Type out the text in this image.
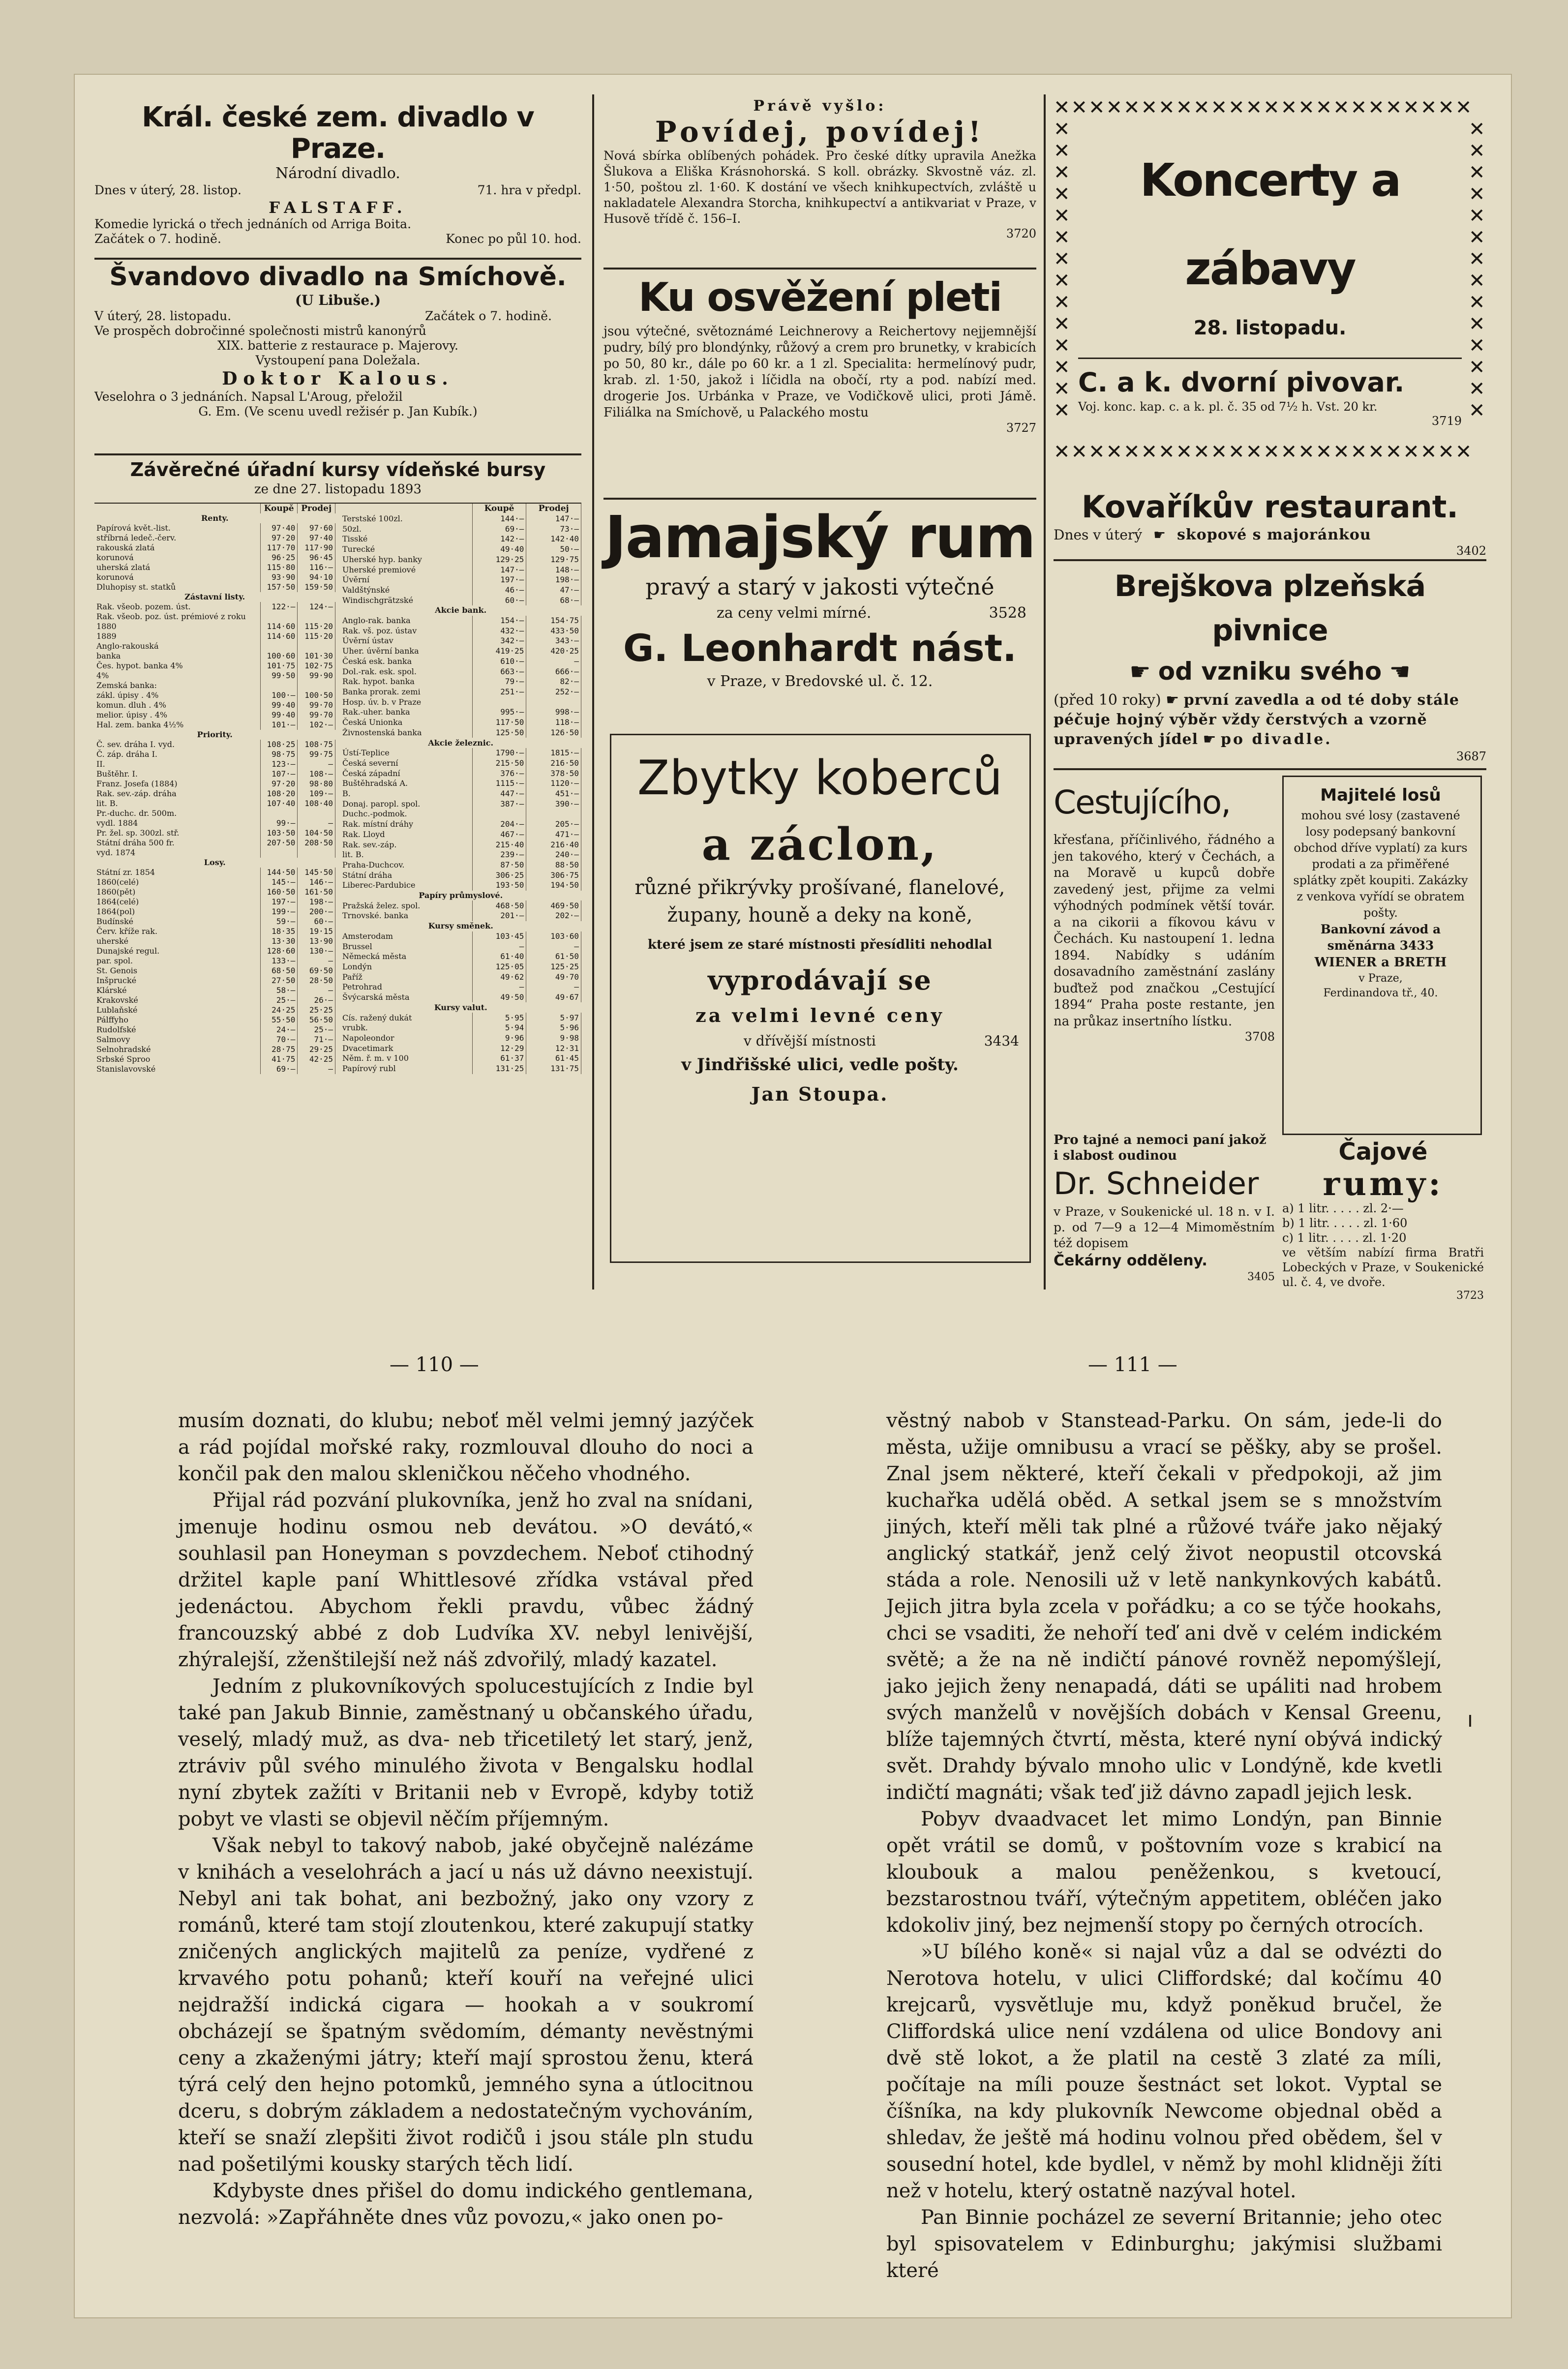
Král. české zem. divadlo v Praze.
Národní divadlo.
Dnes v úterý, 28. listop.	71. hra v předpl.
FALSTAFF.
Komedie lyrická o třech jednáních od Arriga Boita.
Začátek o 7. hodině.	Konec po půl 10. hod.
Švandovo divadlo na Smíchově.
(U Libuše.)
V úterý, 28. listopadu.	Začátek o 7. hodině.
Ve prospěch dobročinné společnosti mistrů kanonýrů
XIX. batterie z restaurace p. Majerovy.
Vystoupení pana Doležala.
Doktor Kalous.
Veselohra o 3 jednáních. Napsal L'Aroug, přeložil
G. Em. (Ve scenu uvedl režisér p. Jan Kubík.)
Závěrečné úřadní kursy vídeňské bursy
ze dne 27. listopadu 1893
	Koupě	Prodej
Renty.		
Papírová květ.-list.	97·40	97·60
stříbrná ledeč.-červ.	97·20	97·40
rakouská zlatá	117·70	117·90
korunová	96·25	96·45
uherská zlatá	115·80	116·—
korunová	93·90	94·10
Dluhopisy st. statků	157·50	159·50
Zástavní listy.		
Rak. všeob. pozem. úst.	122·—	124·—
Rak. všeob. poz. úst. prémiové z roku		
1880	114·60	115·20
1889	114·60	115·20
Anglo-rakouská		
banka	100·60	101·30
Čes. hypot. banka 4%	101·75	102·75
4%	99·50	99·90
Zemská banka:		
zákl. úpisy . 4%	100·—	100·50
komun. dluh . 4%	99·40	99·70
melior. úpisy . 4%	99·40	99·70
Hal. zem. banka 4½%	101·—	102·—
Priority.		
Č. sev. dráha I. vyd.	108·25	108·75
Č. záp. dráha I.	98·75	99·75
II.	123·—	—
Buštěhr. I.	107·—	108·—
Franz. Josefa (1884)	97·20	98·80
Rak. sev.-záp. dráha	108·20	109·—
lit. B.	107·40	108·40
Pr.-duchc. dr. 500m.		
vydl. 1884	99·—	—
Pr. žel. sp. 300zl. stř.	103·50	104·50
Státní dráha 500 fr.	207·50	208·50
vyd. 1874		
Losy.		
Státní zr. 1854	144·50	145·50
1860(celé)	145·—	146·—
1860(pět)	160·50	161·50
1864(celé)	197·—	198·—
1864(pol)	199·—	200·—
Budínské	59·—	60·—
Červ. kříže rak.	18·35	19·15
uherské	13·30	13·90
Dunajské regul.	128·60	130·—
par. spol.	133·—	—
St. Genois	68·50	69·50
Inšprucké	27·50	28·50
Klárské	58·—	—
Krakovské	25·—	26·—
Lublaňské	24·25	25·25
Pálffyho	55·50	56·50
Rudolfské	24·—	25·—
Salmovy	70·—	71·—
Selnohradské	28·75	29·25
Srbské Sproo	41·75	42·25
Stanislavovské	69·—	—
	Koupě	Prodej
Terstské 100zl.	144·—	147·—
50zl.	69·—	73·—
Tisské	142·—	142·40
Turecké	49·40	50·—
Uherské hyp. banky	129·25	129·75
Uherské premiové	147·—	148·—
Úvěrní	197·—	198·—
Valdštýnské	46·—	47·—
Windischgrätzské	60·—	68·—
Akcie bank.		
Anglo-rak. banka	154·—	154·75
Rak. vš. poz. ústav	432·—	433·50
Úvěrní ústav	342·—	343·—
Uher. úvěrní banka	419·25	420·25
Česká esk. banka	610·—	—
Dol.-rak. esk. spol.	663·—	666·—
Rak. hypot. banka	79·—	82·—
Banka prorak. zemi	251·—	252·—
Hosp. úv. b. v Praze		
Rak.-uher. banka	995·—	998·—
Česká Unionka	117·50	118·—
Živnostenská banka	125·50	126·50
Akcie železnic.		
Ústí-Teplice	1790·—	1815·—
Česká severní	215·50	216·50
Česká západní	376·—	378·50
Buštěhradská A.	1115·—	1120·—
B.	447·—	451·—
Donaj. paropl. spol.	387·—	390·—
Duchc.-podmok.		
Rak. místní dráhy	204·—	205·—
Rak. Lloyd	467·—	471·—
Rak. sev.-záp.	215·40	216·40
lit. B.	239·—	240·—
Praha-Duchcov.	87·50	88·50
Státní dráha	306·25	306·75
Liberec-Pardubice	193·50	194·50
Papíry průmyslové.		
Pražská želez. spol.	468·50	469·50
Trnovské. banka	201·—	202·—
Kursy směnek.		
Amsterodam	103·45	103·60
Brussel	—	—
Německá města	61·40	61·50
Londýn	125·05	125·25
Paříž	49·62	49·70
Petrohrad	—	—
Švýcarská města	49·50	49·67
Kursy valut.		
Cís. ražený dukát	5·95	5·97
vrubk.	5·94	5·96
Napoleondor	9·96	9·98
Dvacetimark	12·29	12·31
Něm. ř. m. v 100	61·37	61·45
Papírový rubl	131·25	131·75
Právě vyšlo:
Povídej, povídej!
Nová sbírka oblíbených pohádek. Pro české dítky upravila Anežka Šlukova a Eliška Krásnohorská. S koll. obrázky. Skvostně váz. zl. 1·50, poštou zl. 1·60. K dostání ve všech knihkupectvích, zvláště u nakladatele Alexandra Storcha, knihkupectví a antikvariat v Praze, v Husově třídě č. 156–I.
3720
Ku osvěžení pleti
jsou výtečné, světoznámé Leichnerovy a Reichertovy nejjemnější pudry, bílý pro blondýnky, růžový a crem pro brunetky, v krabicích po 50, 80 kr., dále po 60 kr. a 1 zl. Specialita: hermelínový pudr, krab. zl. 1·50, jakož i líčidla na obočí, rty a pod. nabízí med. drogerie Jos. Urbánka v Praze, ve Vodičkově ulici, proti Jámě. Filiálka na Smíchově, u Palackého mostu
3727
Jamajský rum
pravý a starý v jakosti výtečné
za ceny velmi mírné.	3528
G. Leonhardt nást.
v Praze, v Bredovské ul. č. 12.
Zbytky koberců
a záclon,
různé přikrývky prošívané, flanelové, župany, houně a deky na koně,
které jsem ze staré místnosti přesídliti nehodlal
vyprodávají se
za velmi levné ceny
v dřívější místnosti	3434
v Jindřišské ulici, vedle pošty.
Jan Stoupa.
✕✕✕✕✕✕✕✕✕✕✕✕✕✕✕✕✕✕✕✕✕✕✕✕
✕✕✕✕✕✕✕✕✕✕✕✕✕✕
✕✕✕✕✕✕✕✕✕✕✕✕✕✕
✕✕✕✕✕✕✕✕✕✕✕✕✕✕✕✕✕✕✕✕✕✕✕✕
Koncerty a zábavy
28. listopadu.
C. a k. dvorní pivovar.
Voj. konc. kap. c. a k. pl. č. 35 od 7½ h. Vst. 20 kr.
3719
Kovaříkův restaurant.
Dnes v úterý ☛ skopové s majoránkou
3402
Brejškova plzeňská pivnice
☛ od vzniku svého ☚
(před 10 roky) ☛ první zavedla a od té doby stále péčuje hojný výběr vždy čerstvých a vzorně upravených jídel ☛ po divadle.
3687
Cestujícího,
křesťana, příčinlivého, řádného a jen takového, který v Čechách, a na Moravě u kupců dobře zavedený jest, přijme za velmi výhodných podmínek větší továr. a na cikorii a fíkovou kávu v Čechách. Ku nastoupení 1. ledna 1894. Nabídky s udáním dosavadního zaměstnání zaslány buďtež pod značkou „Cestující 1894“ Praha poste restante, jen na průkaz insertního lístku.
3708
Majitelé losů
mohou své losy (zastavené losy podepsaný bankovní obchod dříve vyplatí) za kurs prodati a za přiměřené splátky zpět koupiti. Zakázky z venkova vyřídí se obratem pošty.
Bankovní závod a směnárna 3433
WIENER a BRETH
v Praze,
Ferdinandova tř., 40.
Pro tajné a nemoci paní jakož i slabost oudinou
Dr. Schneider
v Praze, v Soukenické ul. 18 n. v I. p. od 7—9 a 12—4 Mimoměstním též dopisem
Čekárny odděleny.
3405
Čajové
rumy:
a) 1 litr. . . . . zl. 2·—
b) 1 litr. . . . . zl. 1·60
c) 1 litr. . . . . zl. 1·20
ve větším nabízí firma Bratři Lobeckých v Praze, v Soukenické ul. č. 4, ve dvoře.
3723
— 110 —	— 111 —

musím doznati, do klubu; neboť měl velmi jemný jazýček a rád pojídal mořské raky, rozmlouval dlouho do noci a končil pak den malou skleničkou něčeho vhodného.

Přijal rád pozvání plukovníka, jenž ho zval na snídani, jmenuje hodinu osmou neb devátou. »O devátó,« souhlasil pan Honeyman s povzdechem. Neboť ctihodný držitel kaple paní Whittlesové zřídka vstával před jedenáctou. Abychom řekli pravdu, vůbec žádný francouzský abbé z dob Ludvíka XV. nebyl lenivější, zhýralejší, zženštilejší než náš zdvořilý, mladý kazatel.

Jedním z plukovníkových spolucestujících z Indie byl také pan Jakub Binnie, zaměstnaný u občanského úřadu, veselý, mladý muž, as dva- neb třicetiletý let starý, jenž, ztráviv půl svého minulého života v Bengalsku hodlal nyní zbytek zažíti v Britanii neb v Evropě, kdyby totiž pobyt ve vlasti se objevil něčím příjemným.

Však nebyl to takový nabob, jaké obyčejně nalézáme v knihách a veselohrách a jací u nás už dávno neexistují. Nebyl ani tak bohat, ani bezbožný, jako ony vzory z románů, které tam stojí zloutenkou, které zakupují statky zničených anglických majitelů za peníze, vydřené z krvavého potu pohanů; kteří kouří na veřejné ulici nejdražší indická cigara — hookah a v soukromí obcházejí se špatným svědomím, démanty nevěstnými ceny a zkaženými játry; kteří mají sprostou ženu, která týrá celý den hejno potomků, jemného syna a útlocitnou dceru, s dobrým základem a nedostatečným vychováním, kteří se snaží zlepšiti život rodičů i jsou stále pln studu nad pošetilými kousky starých těch lidí.

Kdybyste dnes přišel do domu indického gentlemana, nezvolá: »Zapřáhněte dnes vůz povozu,« jako onen po-

věstný nabob v Stanstead-Parku. On sám, jede-li do města, užije omnibusu a vrací se pěšky, aby se prošel. Znal jsem některé, kteří čekali v předpokoji, až jim kuchařka udělá oběd. A setkal jsem se s množstvím jiných, kteří měli tak plné a růžové tváře jako nějaký anglický statkář, jenž celý život neopustil otcovská stáda a role. Nenosili už v letě nankynkových kabátů. Jejich jitra byla zcela v pořádku; a co se týče hookahs, chci se vsaditi, že nehoří teď ani dvě v celém indickém světě; a že na ně indičtí pánové rovněž nepomýšlejí, jako jejich ženy nenapadá, dáti se upáliti nad hrobem svých manželů v novějších dobách v Kensal Greenu, blíže tajemných čtvrtí, města, které nyní obývá indický svět. Drahdy bývalo mnoho ulic v Londýně, kde kvetli indičtí magnáti; však teď již dávno zapadl jejich lesk.

Pobyv dvaadvacet let mimo Londýn, pan Binnie opět vrátil se domů, v poštovním voze s krabicí na kloubouk a malou peněženkou, s kvetoucí, bezstarostnou tváří, výtečným appetitem, obléčen jako kdokoliv jiný, bez nejmenší stopy po černých otrocích.

»U bílého koně« si najal vůz a dal se odvézti do Nerotova hotelu, v ulici Cliffordské; dal kočímu 40 krejcarů, vysvětluje mu, když poněkud bručel, že Cliffordská ulice není vzdálena od ulice Bondovy ani dvě stě lokot, a že platil na cestě 3 zlaté za míli, počítaje na míli pouze šestnáct set lokot. Vyptal se číšníka, na kdy plukovník Newcome objednal oběd a shledav, že ještě má hodinu volnou před obědem, šel v sousední hotel, kde bydlel, v němž by mohl klidněji žíti než v hotelu, který ostatně nazýval hotel.

Pan Binnie pocházel ze severní Britannie; jeho otec byl spisovatelem v Edinburghu; jakýmisi službami které
